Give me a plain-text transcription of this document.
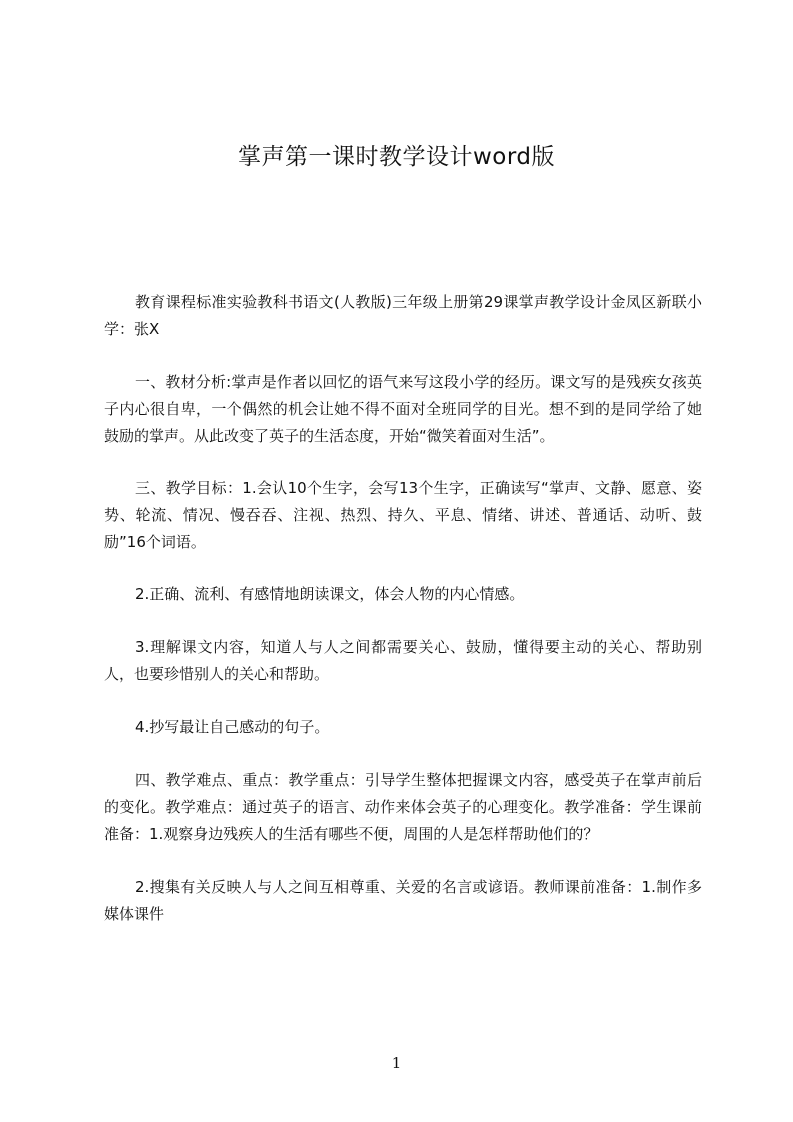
掌声第一课时教学设计word版

教育课程标准实验教科书语文(人教版)三年级上册第29课掌声教学设计金凤区新联小学：张X

一、教材分析:掌声是作者以回忆的语气来写这段小学的经历。课文写的是残疾女孩英子内心很自卑，一个偶然的机会让她不得不面对全班同学的目光。想不到的是同学给了她鼓励的掌声。从此改变了英子的生活态度，开始“微笑着面对生活”。

三、教学目标：1.会认10个生字，会写13个生字，正确读写“掌声、文静、愿意、姿势、轮流、情况、慢吞吞、注视、热烈、持久、平息、情绪、讲述、普通话、动听、鼓励”16个词语。

2.正确、流利、有感情地朗读课文，体会人物的内心情感。

3.理解课文内容，知道人与人之间都需要关心、鼓励，懂得要主动的关心、帮助别人，也要珍惜别人的关心和帮助。

4.抄写最让自己感动的句子。

四、教学难点、重点：教学重点：引导学生整体把握课文内容，感受英子在掌声前后的变化。教学难点：通过英子的语言、动作来体会英子的心理变化。教学准备：学生课前准备：1.观察身边残疾人的生活有哪些不便，周围的人是怎样帮助他们的？

2.搜集有关反映人与人之间互相尊重、关爱的名言或谚语。教师课前准备：1.制作多媒体课件

1
